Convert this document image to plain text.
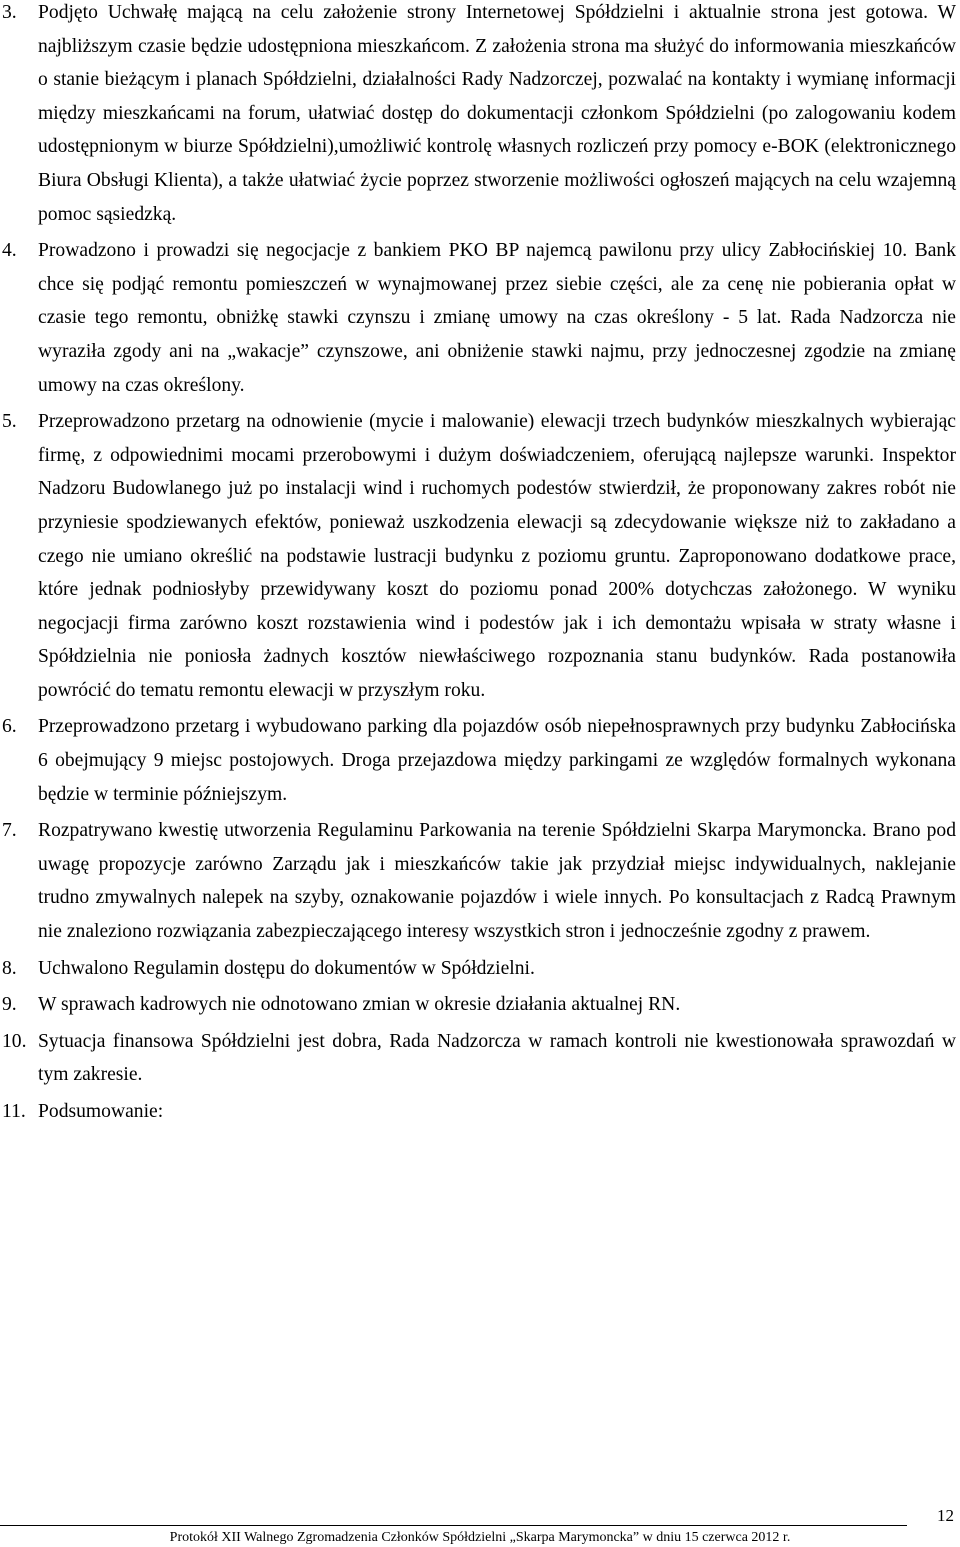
3. Podjęto Uchwałę mającą na celu założenie strony Internetowej Spółdzielni i aktualnie strona jest gotowa. W najbliższym czasie będzie udostępniona mieszkańcom. Z założenia strona ma służyć do informowania mieszkańców o stanie bieżącym i planach Spółdzielni, działalności Rady Nadzorczej, pozwalać na kontakty i wymianę informacji między mieszkańcami na forum, ułatwiać dostęp do dokumentacji członkom Spółdzielni (po zalogowaniu kodem udostępnionym w biurze Spółdzielni),umożliwić kontrolę własnych rozliczeń przy pomocy e-BOK (elektronicznego Biura Obsługi Klienta), a także ułatwiać życie poprzez stworzenie możliwości ogłoszeń mających na celu wzajemną pomoc sąsiedzką.
4. Prowadzono i prowadzi się negocjacje z bankiem PKO BP najemcą pawilonu przy ulicy Zabłocińskiej 10. Bank chce się podjąć remontu pomieszczeń w wynajmowanej przez siebie części, ale za cenę nie pobierania opłat w czasie tego remontu, obniżkę stawki czynszu i zmianę umowy na czas określony - 5 lat. Rada Nadzorcza nie wyraziła zgody ani na „wakacje” czynszowe, ani obniżenie stawki najmu, przy jednoczesnej zgodzie na zmianę umowy na czas określony.
5. Przeprowadzono przetarg na odnowienie (mycie i malowanie) elewacji trzech budynków mieszkalnych wybierając firmę, z odpowiednimi mocami przerobowymi i dużym doświadczeniem, oferującą najlepsze warunki. Inspektor Nadzoru Budowlanego już po instalacji wind i ruchomych podestów stwierdził, że proponowany zakres robót nie przyniesie spodziewanych efektów, ponieważ uszkodzenia elewacji są zdecydowanie większe niż to zakładano a czego nie umiano określić na podstawie lustracji budynku z poziomu gruntu. Zaproponowano dodatkowe prace, które jednak podniosłyby przewidywany koszt do poziomu ponad 200% dotychczas założonego. W wyniku negocjacji firma zarówno koszt rozstawienia wind i podestów jak i ich demontażu wpisała w straty własne i Spółdzielnia nie poniosła żadnych kosztów niewłaściwego rozpoznania stanu budynków. Rada postanowiła powrócić do tematu remontu elewacji w przyszłym roku.
6. Przeprowadzono przetarg i wybudowano parking dla pojazdów osób niepełnosprawnych przy budynku Zabłocińska 6 obejmujący 9 miejsc postojowych. Droga przejazdowa między parkingami ze względów formalnych wykonana będzie w terminie późniejszym.
7. Rozpatrywano kwestię utworzenia Regulaminu Parkowania na terenie Spółdzielni Skarpa Marymoncka. Brano pod uwagę propozycje zarówno Zarządu jak i mieszkańców takie jak przydział miejsc indywidualnych, naklejanie trudno zmywalnych nalepek na szyby, oznakowanie pojazdów i wiele innych. Po konsultacjach z Radcą Prawnym nie znaleziono rozwiązania zabezpieczającego interesy wszystkich stron i jednocześnie zgodny z prawem.
8. Uchwalono Regulamin dostępu do dokumentów w Spółdzielni.
9. W sprawach kadrowych nie odnotowano zmian w okresie działania aktualnej RN.
10. Sytuacja finansowa Spółdzielni jest dobra, Rada Nadzorcza w ramach kontroli nie kwestionowała sprawozdań w tym zakresie.
11. Podsumowanie:
12
Protokół XII Walnego Zgromadzenia Członków Spółdzielni „Skarpa Marymoncka” w dniu 15 czerwca 2012 r.
